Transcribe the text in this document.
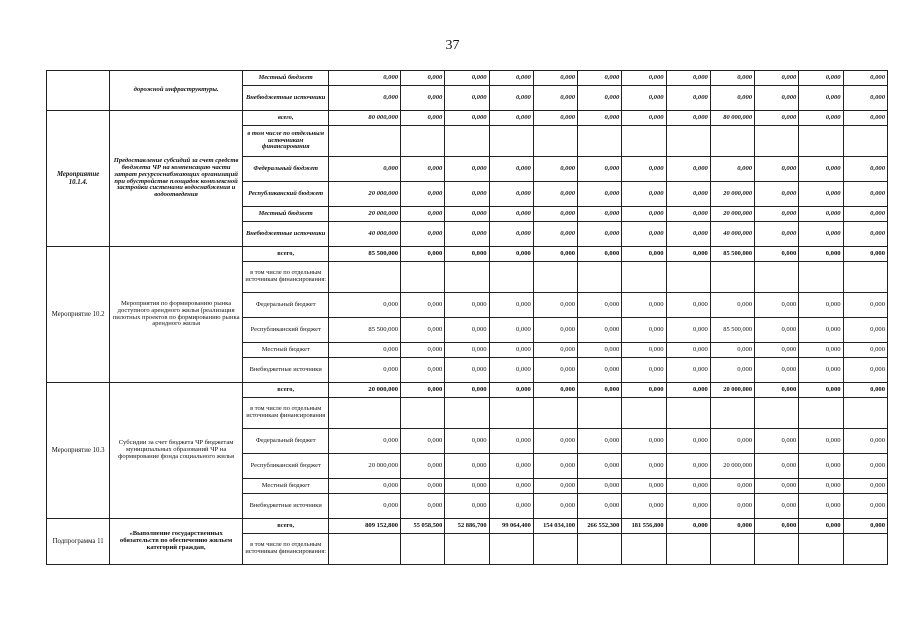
37
	дорожной инфраструктуры.	Местный бюджет	0,000	0,000	0,000	0,000	0,000	0,000	0,000	0,000	0,000	0,000	0,000	0,000
		Внебюджетные источники	0,000	0,000	0,000	0,000	0,000	0,000	0,000	0,000	0,000	0,000	0,000	0,000
Мероприятие 10.1.4.	Предоставление субсидий за счет средств бюджета ЧР на компенсацию части затрат ресурсоснабжающих организаций при обустройстве площадок комплексной застройки системами водоснабжения и водоотведения	всего,	80 000,000	0,000	0,000	0,000	0,000	0,000	0,000	0,000	80 000,000	0,000	0,000	0,000
		в том числе по отдельным источникам финансирования												
		Федеральный бюджет	0,000	0,000	0,000	0,000	0,000	0,000	0,000	0,000	0,000	0,000	0,000	0,000
		Республиканский бюджет	20 000,000	0,000	0,000	0,000	0,000	0,000	0,000	0,000	20 000,000	0,000	0,000	0,000
		Местный бюджет	20 000,000	0,000	0,000	0,000	0,000	0,000	0,000	0,000	20 000,000	0,000	0,000	0,000
		Внебюджетные источники	40 000,000	0,000	0,000	0,000	0,000	0,000	0,000	0,000	40 000,000	0,000	0,000	0,000
Мероприятие 10.2	Мероприятия по формированию рынка доступного арендного жилья (реализация пилотных проектов по формированию рынка арендного жилья	всего,	85 500,000	0,000	0,000	0,000	0,000	0,000	0,000	0,000	85 500,000	0,000	0,000	0,000
		в том числе по отдельным источникам финансирования:												
		Федеральный бюджет	0,000	0,000	0,000	0,000	0,000	0,000	0,000	0,000	0,000	0,000	0,000	0,000
		Республиканский бюджет	85 500,000	0,000	0,000	0,000	0,000	0,000	0,000	0,000	85 500,000	0,000	0,000	0,000
		Местный бюджет	0,000	0,000	0,000	0,000	0,000	0,000	0,000	0,000	0,000	0,000	0,000	0,000
		Внебюджетные источники	0,000	0,000	0,000	0,000	0,000	0,000	0,000	0,000	0,000	0,000	0,000	0,000
Мероприятие 10.3	Субсидии за счет бюджета ЧР бюджетам муниципальных образований ЧР на формирование фонда социального жилья	всего,	20 000,000	0,000	0,000	0,000	0,000	0,000	0,000	0,000	20 000,000	0,000	0,000	0,000
		в том числе по отдельным источникам финансирования												
		Федеральный бюджет	0,000	0,000	0,000	0,000	0,000	0,000	0,000	0,000	0,000	0,000	0,000	0,000
		Республиканский бюджет	20 000,000	0,000	0,000	0,000	0,000	0,000	0,000	0,000	20 000,000	0,000	0,000	0,000
		Местный бюджет	0,000	0,000	0,000	0,000	0,000	0,000	0,000	0,000	0,000	0,000	0,000	0,000
		Внебюджетные источники	0,000	0,000	0,000	0,000	0,000	0,000	0,000	0,000	0,000	0,000	0,000	0,000
Подпрограмма 11	«Выполнение государственных обязательств по обеспечению жильем категорий граждан,	всего,	809 152,800	55 058,500	52 886,700	99 064,400	154 034,100	266 552,300	181 556,800	0,000	0,000	0,000	0,000	0,000
		в том числе по отдельным источникам финансирования:												
